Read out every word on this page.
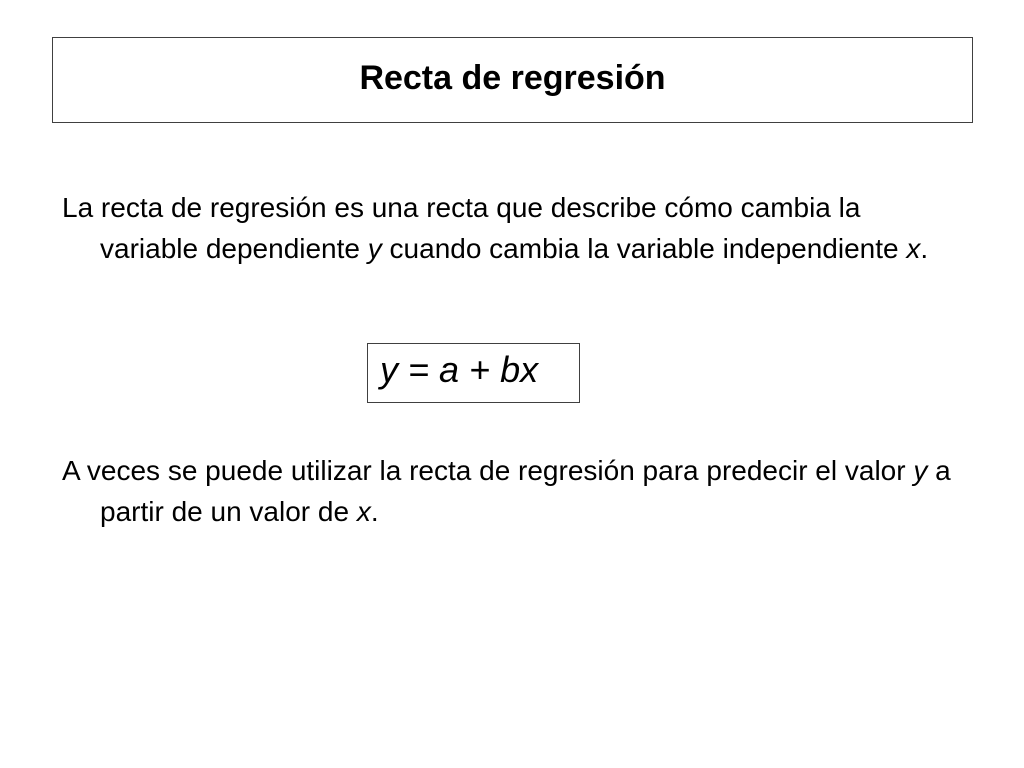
Recta de regresión

La recta de regresión es una recta que describe cómo cambia la variable dependiente y cuando cambia la variable independiente x.

y = a + bx

A veces se puede utilizar la recta de regresión para predecir el valor y a partir de un valor de x.
